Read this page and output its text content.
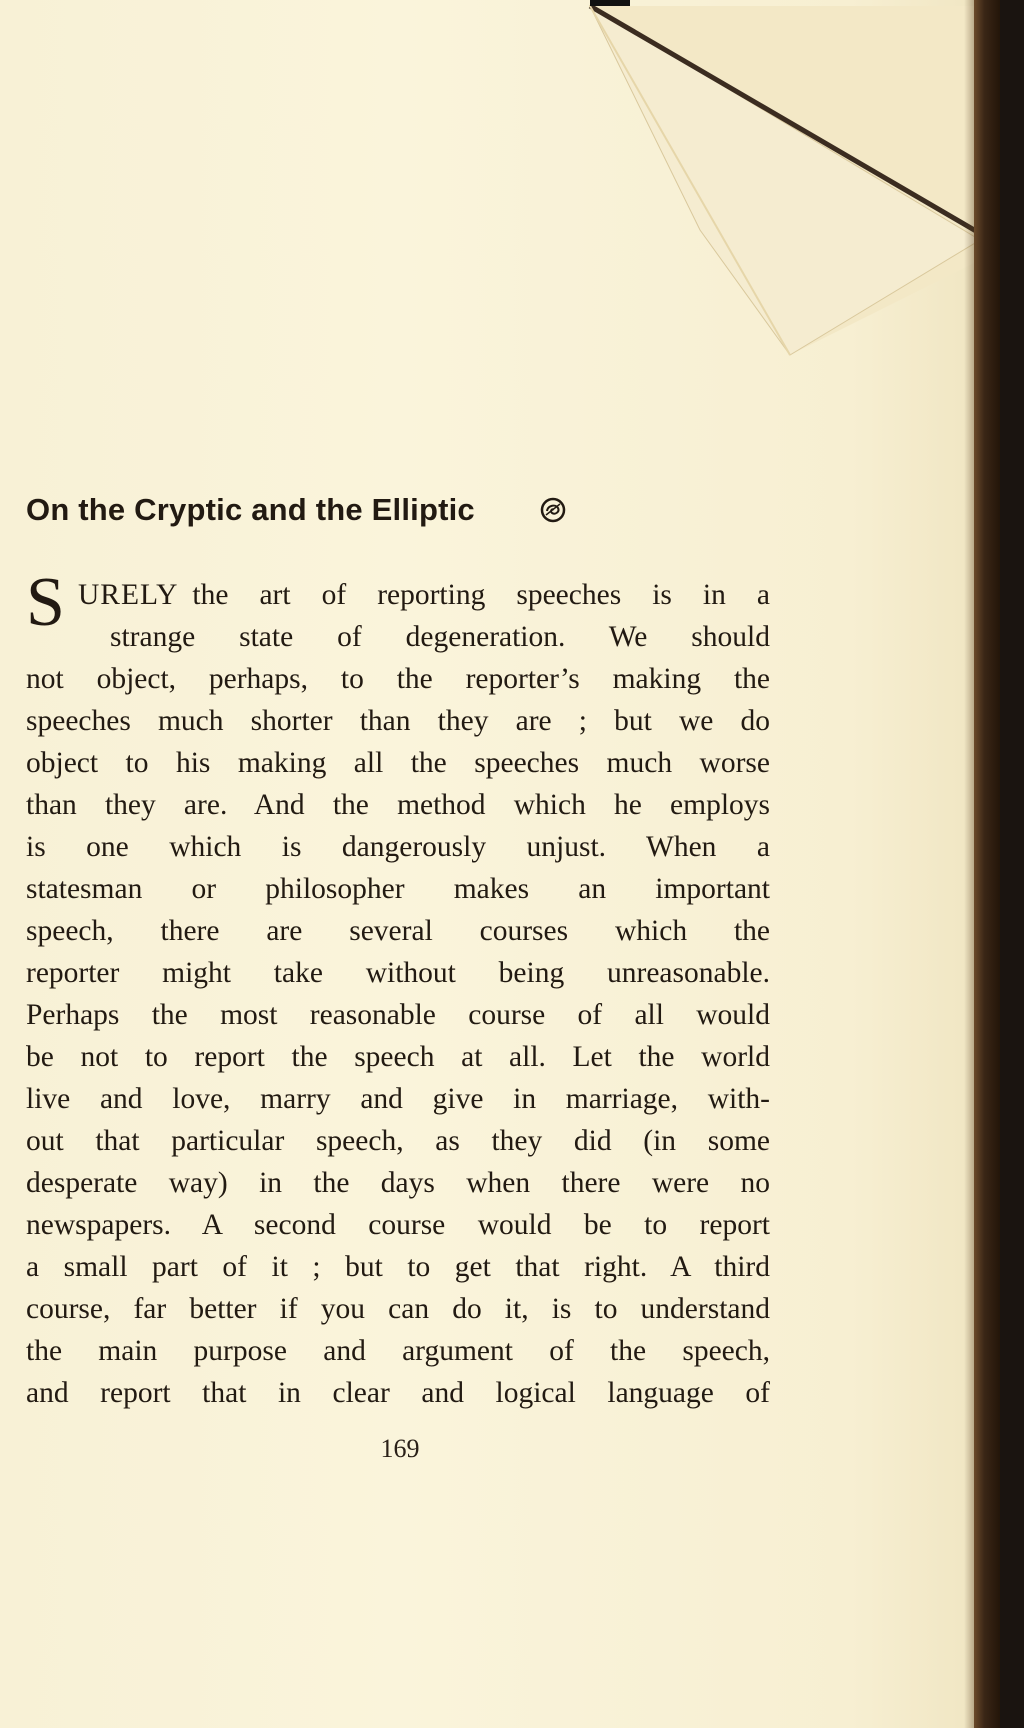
On the Cryptic and the Elliptic
S URELY the art of reporting speeches is in a
strange state of degeneration. We should
not object, perhaps, to the reporter’s making the
speeches much shorter than they are ; but we do
object to his making all the speeches much worse
than they are. And the method which he employs
is one which is dangerously unjust. When a
statesman or philosopher makes an important
speech, there are several courses which the
reporter might take without being unreasonable.
Perhaps the most reasonable course of all would
be not to report the speech at all. Let the world
live and love, marry and give in marriage, with-
out that particular speech, as they did (in some
desperate way) in the days when there were no
newspapers. A second course would be to report
a small part of it ; but to get that right. A third
course, far better if you can do it, is to understand
the main purpose and argument of the speech,
and report that in clear and logical language of
169
